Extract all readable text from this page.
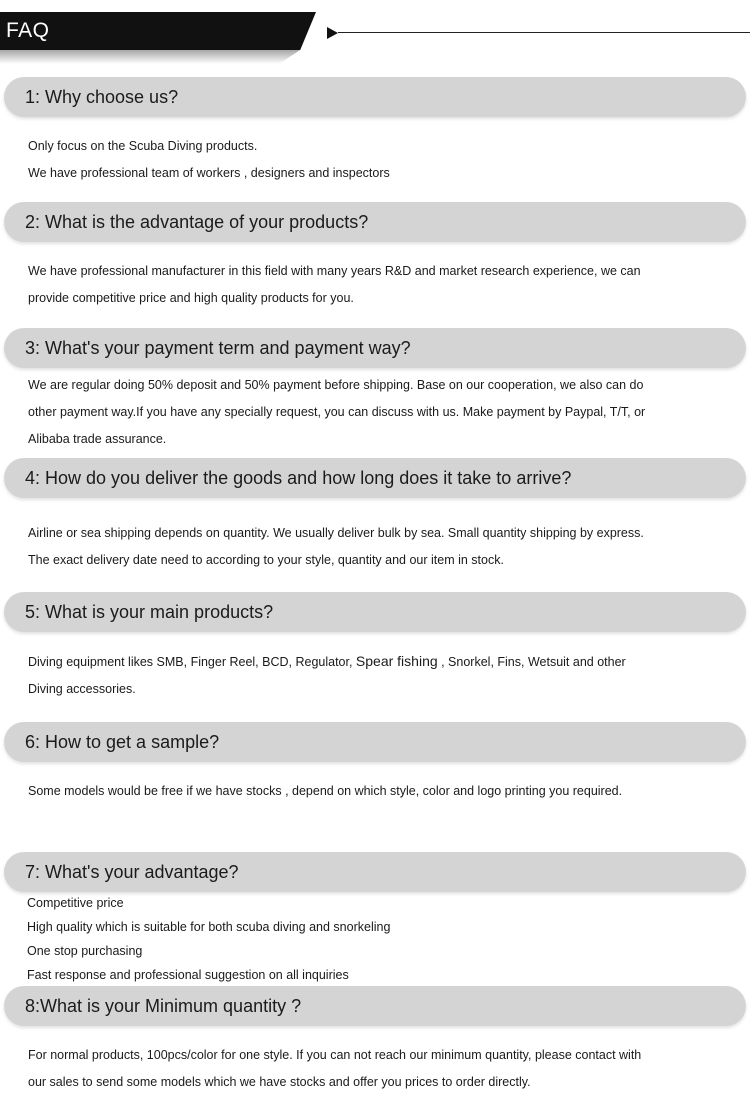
FAQ
1: Why choose us?
Only focus on the Scuba Diving products.
We have professional team of workers , designers and inspectors
2: What is the advantage of your products?
We have professional manufacturer in this field with many years R&D and market research experience, we can
provide competitive price and high quality products for you.
3: What's your payment term and payment way?
We are regular doing 50% deposit and 50% payment before shipping. Base on our cooperation, we also can do
other payment way.If you have any specially request, you can discuss with us. Make payment by Paypal, T/T, or
Alibaba trade assurance.
4: How do you deliver the goods and how long does it take to arrive?
Airline or sea shipping depends on quantity. We usually deliver bulk by sea. Small quantity shipping by express.
The exact delivery date need to according to your style, quantity and our item in stock.
5: What is your main products?
Diving equipment likes SMB, Finger Reel, BCD, Regulator, Spear fishing , Snorkel, Fins, Wetsuit and other
Diving accessories.
6: How to get a sample?
Some models would be free if we have stocks , depend on which style, color and logo printing you required.
7: What's your advantage?
Competitive price
High quality which is suitable for both scuba diving and snorkeling
One stop purchasing
Fast response and professional suggestion on all inquiries
8:What is your Minimum quantity ?
For normal products, 100pcs/color for one style. If you can not reach our minimum quantity, please contact with
our sales to send some models which we have stocks and offer you prices to order directly.
